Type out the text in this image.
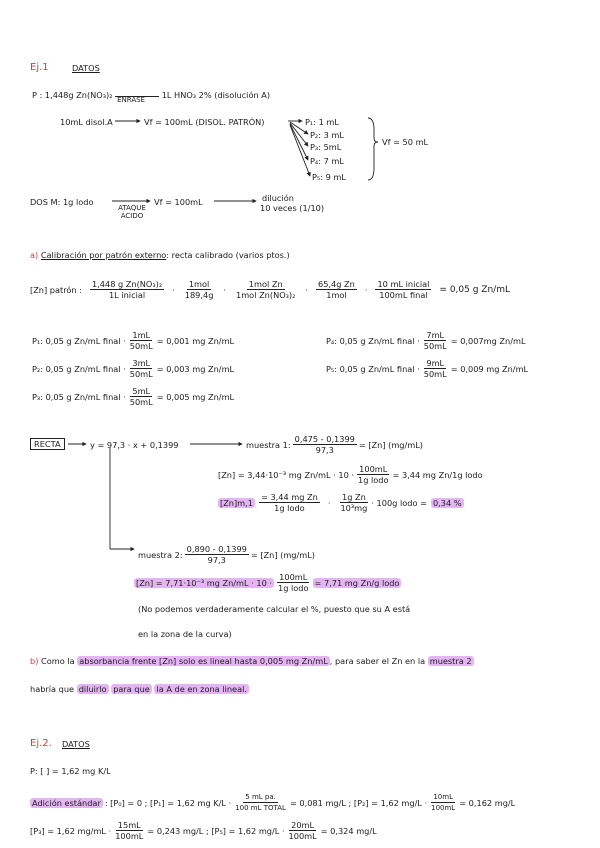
Ej.1	DATOS
P : 1,448g Zn(NO₃)₂ ENRASE 1L HNO₃ 2% (disolución A)
10mL disol.A	Vf = 100mL (DISOL. PATRÓN)	P₁: 1 mL
P₂: 3 mL
P₃: 5mL
P₄: 7 mL
P₅: 9 mL
Vf = 50 mL
DOS M: 1g lodo
ATAQUE ÁCIDO
Vf = 100mL	dilución
10 veces (1/10)
a) Calibración por patrón externo: recta calibrado (varios ptos.)
[Zn] patrón : $\frac{\text{1,448 g Zn(NO₃)₂}}{\text{1L inicial}} \cdot \frac{\text{1mol}}{189,4g} \cdot \frac{\text{1mol Zn}}{\text{1mol Zn(NO₃)₂}} \cdot \frac{\text{65,4g Zn}}{\text{1mol}} \cdot \frac{\text{10 mL inicial}}{\text{100mL final}} = 0,05$ g Zn/mL
P₁: 0,05 g Zn/mL final · $\frac{1mL}{50mL} = 0,001$ mg Zn/mL
P₂: 0,05 g Zn/mL final · $\frac{3mL}{50mL} = 0,003$ mg Zn/mL
P₃: 0,05 g Zn/mL final · $\frac{5mL}{50mL} = 0,005$ mg Zn/mL
P₄: 0,05 g Zn/mL final · $\frac{7mL}{50mL} = 0,007mg$ Zn/mL
P₅: 0,05 g Zn/mL final · $\frac{9mL}{50mL} = 0,009$ mg Zn/mL
RECTA	y = 97,3 · x + 0,1399	muestra 1: $\frac{0,475 - 0,1399}{97,3} = [Zn]$ (mg/mL)
[Zn] = 3,44·10⁻³ mg $Zn/mL \cdot 10 \cdot \frac{100mL}{\text{1g lodo}} = 3,44$ mg Zn/1g lodo
$[Zn]m,1 \frac{\text{= 3,44 mg Zn}}{\text{1g lodo}} \cdot \frac{\text{1g Zn}}{\text{10³mg}} \cdot 100g$ lodo = 0,34 %
muestra 2: $\frac{0,890 - 0,1399}{97,3} = [Zn]$ (mg/mL)
[Zn] = 7,71·10⁻³ mg $Zn/mL \cdot 10 \cdot \frac{100mL}{\text{1g lodo}} = 7,71$ mg Zn/g lodo
(No podemos verdaderamente calcular el %, puesto que su A está
en la zona de la curva)
b) Como la absorbancia frente [Zn] solo es lineal hasta 0,005 mg Zn/mL , para saber el Zn en la muestra 2
habría que diluirlo para que la A de en zona lineal.
Ej.2. DATOS
P: [ ] = 1,62 mg K/L
Adición estándar : [P₀] = 0 ; [P₁] = 1,62 mg $K/L \cdot \frac{\text{5 mL pa.}}{\text{100 mL TOTAL}} = 0,081$ mg/L ; [P₂] = 1,62 $mg/L \cdot \frac{10mL}{100mL} = 0,162$ mg/L
[P₃] = 1,62 $mg/mL \cdot \frac{15mL}{100mL} = 0,243$ mg/L ; [P₅] = 1,62 $mg/L \cdot \frac{20mL}{100mL} = 0,324$ mg/L
